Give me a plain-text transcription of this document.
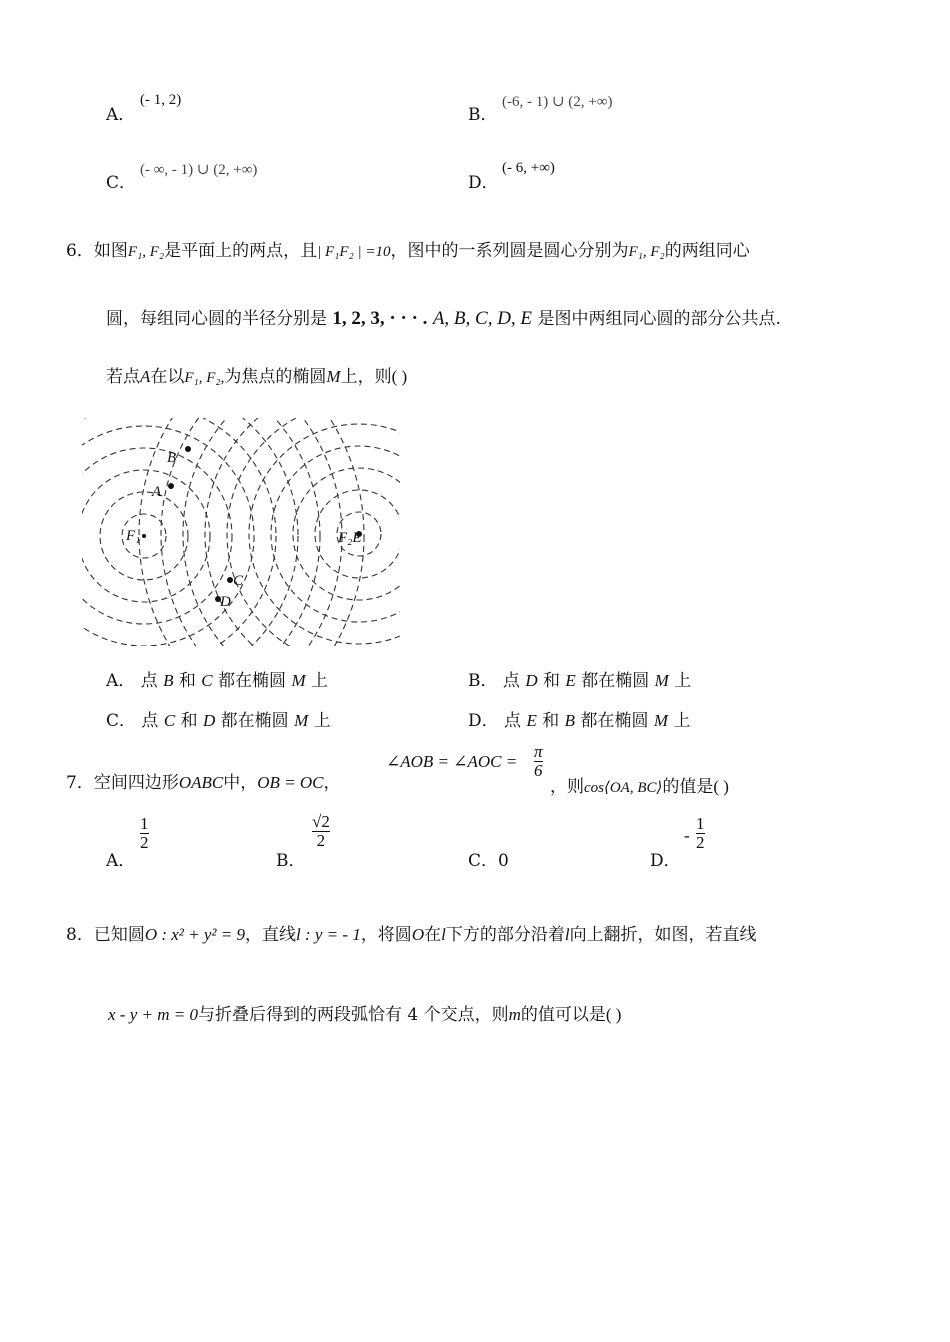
A．
(- 1, 2)
B．
(-6, - 1) ∪ (2, +∞)
C．
(- ∞, - 1) ∪ (2, +∞)
D．
(- 6, +∞)
6．如图F₁, F₂是平面上的两点，且| F₁F₂ | =10，图中的一系列圆是圆心分别为F₁, F₂的两组同心
圆，每组同心圆的半径分别是 1, 2, 3, · · · . A, B, C, D, E 是图中两组同心圆的部分公共点.
若点A在以F₁, F₂,为焦点的椭圆M上，则( )
B
A
F₁	F₂E
C
D
A． 点 B 和 C 都在椭圆 M 上	B． 点 D 和 E 都在椭圆 M 上
C． 点 C 和 D 都在椭圆 M 上	D． 点 E 和 B 都在椭圆 M 上
7．空间四边形OABC中，OB = OC，
∠AOB = ∠AOC = $\frac{\pi}{6}$
，则cos⟨OA, BC⟩的值是( )
A．
$\frac{1}{2}$
B．
$\frac{√2}{2}$
C．0	D．
- $\frac{1}{2}$
8．已知圆O : x² + y² = 9，直线l : y = - 1，将圆O在l下方的部分沿着l向上翻折，如图，若直线
x - y + m = 0与折叠后得到的两段弧恰有 4 个交点，则m的值可以是( )
